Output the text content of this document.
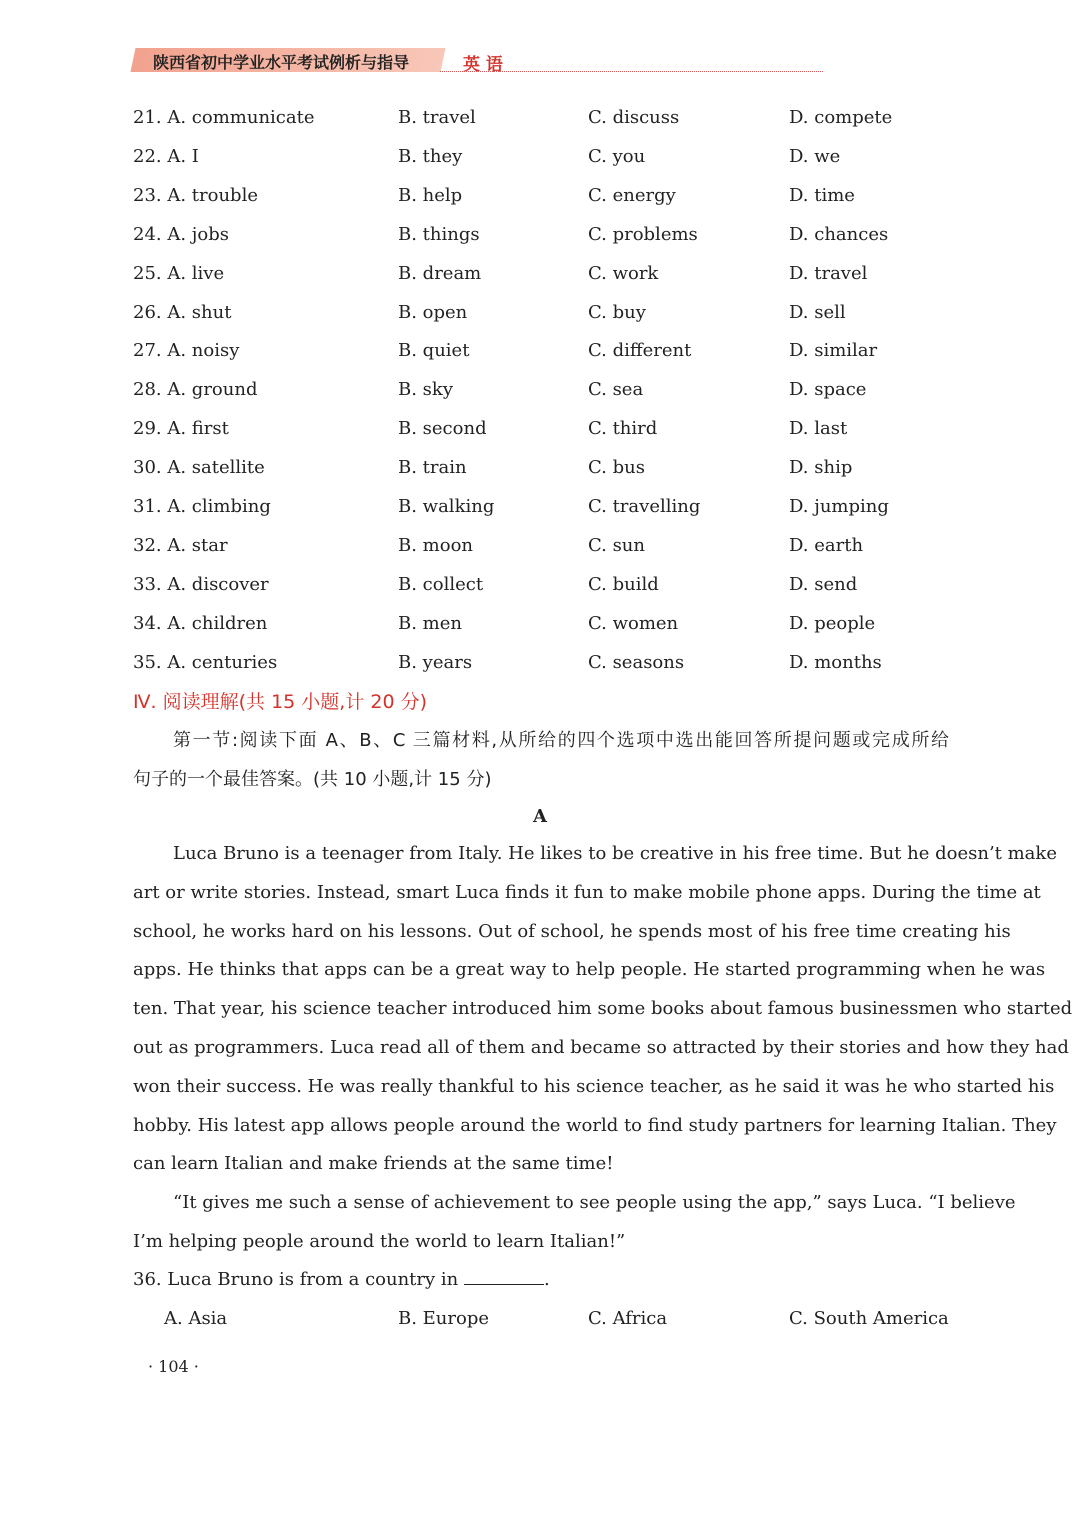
陕西省初中学业水平考试例析与指导	英 语
21. A. communicate	B. travel	C. discuss	D. compete
22. A. I	B. they	C. you	D. we
23. A. trouble	B. help	C. energy	D. time
24. A. jobs	B. things	C. problems	D. chances
25. A. live	B. dream	C. work	D. travel
26. A. shut	B. open	C. buy	D. sell
27. A. noisy	B. quiet	C. different	D. similar
28. A. ground	B. sky	C. sea	D. space
29. A. first	B. second	C. third	D. last
30. A. satellite	B. train	C. bus	D. ship
31. A. climbing	B. walking	C. travelling	D. jumping
32. A. star	B. moon	C. sun	D. earth
33. A. discover	B. collect	C. build	D. send
34. A. children	B. men	C. women	D. people
35. A. centuries	B. years	C. seasons	D. months
Ⅳ. 阅读理解(共 15 小题,计 20 分)
第一节:阅读下面 A、B、C 三篇材料,从所给的四个选项中选出能回答所提问题或完成所给
句子的一个最佳答案。(共 10 小题,计 15 分)
A
Luca Bruno is a teenager from Italy. He likes to be creative in his free time. But he doesn’t make
art or write stories. Instead, smart Luca finds it fun to make mobile phone apps. During the time at
school, he works hard on his lessons. Out of school, he spends most of his free time creating his
apps. He thinks that apps can be a great way to help people. He started programming when he was
ten. That year, his science teacher introduced him some books about famous businessmen who started
out as programmers. Luca read all of them and became so attracted by their stories and how they had
won their success. He was really thankful to his science teacher, as he said it was he who started his
hobby. His latest app allows people around the world to find study partners for learning Italian. They
can learn Italian and make friends at the same time!
“It gives me such a sense of achievement to see people using the app,” says Luca. “I believe
I’m helping people around the world to learn Italian!”
36. Luca Bruno is from a country in	.
A. Asia	B. Europe	C. Africa	C. South America
· 104 ·
